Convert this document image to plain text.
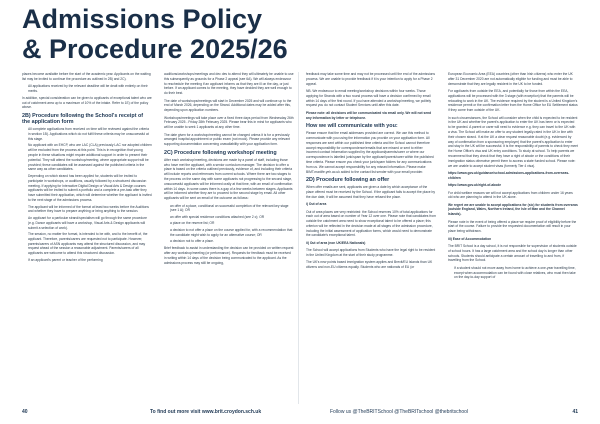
Admissions Policy
& Procedure 2025/26

places become available before the start of the academic year. Applicants on the waiting list may be invited to continue the procedure as outlined in 2B) and 2C).

• All applications received by the relevant deadline will be dealt with entirely on their merits.

In addition, special consideration can be given to applicants of exceptional talent who are out of catchment area up to a maximum of 10% of the intake. Refer to 1E) of the policy above.

2B) Procedure following the School's receipt of the application form
• All complete applications from received on time will be reviewed against the criteria in section 1B). Applications which do not fulfil these criteria may be unsuccessful at this stage.
• No applicant with an EHCP, who are LAC (CLA) previously LAC nor adopted children will be excluded from the process at this point. This is in recognition that young people in these situations might require additional support in order to present their potential. They will attend the workshop/meeting, where appropriate support will be provided; these candidates will be assessed against the published criteria in the same way as other candidates.
• Depending on which strand has been applied for, students will be invited to participate in workshops, or auditions, usually followed by a structured discussion meeting. If applying for Interactive Digital Design or Visual Arts & Design courses applicants will be invited to submit a portfolio and a complete a pre-task after they have submitted their application, which will determine whether the applicant is invited to the next stage of the admissions process.
• The applicant will be informed of the format at least two weeks before the Auditions and whether they have to prepare anything or bring anything to the session.
• An applicant for a particular strand/specialism will go through the same procedure (e.g. Dance applicants will have a workshop, Visual Arts & Design applicants will submit a selection of work).
• The session, no matter the format, is intended to be with, and to the benefit of, the applicant. Therefore, parents/carers are requested not to participate. However, parents/carers of ASN applicants may attend the structured discussion, and may request ahead of the session a reasonable adjustment. Parents/carers of all applicants are welcome to attend this structured discussion.
• If an applicant's parent or teacher of the performing

auditions/workshops/meetings and dec des to attend they will ultimately be unable to use this subsequently as grounds for a Phase 2 appeal (see 6A). We will always endeavour to reschedule the meeting if an applicant informs us that they are ill on the day, or just before. If an applicant comes to the meeting, they have decided they are well enough to do their best.

The date of workshops/meetings will start in December 2025 and will continue up to the end of March 2026, depending on the Strand. Additional dates may be added after this, depending upon application numbers.

Workshops/meetings will take place over a fixed three days period from Wednesday 26th February 2025 - Friday 28th February 2025. Please bear this in mind for applicants who will be unable to seek 1 applicants at any other time.

The date given for a workshop/meeting cannot be changed unless it is for a previously arranged hospital appointment or public exam (not mock). Please provide any relevant supporting documentation concerning unavailability with your application form.

2C) Procedure following workshop/ meeting

After each workshop/meeting, decisions are made by a panel of staff, including those who have met the applicant, with a senior curriculum manager. The decision to offer a place is based on the criteria outlined previously, evidence of, and including their criteria will include reports and references from current schools. Where there are two stages to the process on the same day with some applicants not progressing to the second stage, unsuccessful applicants will be informed orally at that time, with an email of confirmation within 14 days. In some cases there is a gap of a few weeks between stages. Applicants will be informed whether they are to proceed to the second stage by email. All other applicants will be sent an email of the outcome as follows:

• an offer of a place, conditional on successful completion of the relevant key stage (see 1 A); OR
• an offer with special residence conditions attached (see 2 c); OR
• a place on the reserve list; OR
• a decision to not offer a place on the course applied for, with a recommendation that the candidate might wish to apply for an alternative course; OR
• a decision not to offer a place.

Brief feedback to assist in understanding the decision can be provided on written request after any workshop/meeting (or performance). Requests for feedback must be received in writing within 14 days of the decision being communicated to the applicant. As the admissions process may still be ongoing,

feedback may take some time and may not be processed until the end of the admissions process. We are unable to provide feedback if it is your intention to apply for a Phase 2 appeal.

NB. We endeavour to email meeting/workshop decisions within four weeks. Those applying for Strands with a two round process will have a decision confirmed by email within 14 days of the first round. If you have attended a workshop/meeting, we politely request you do not contact Student Services until after this date.

Please note: all decisions will be communicated via email only. We will not send any information by letter or telephone.

How we will communicate with you:

Please ensure that the email addresses provided are correct. We use this method to communicate with you using the information you provide on your application form. All responses are sent within our published time criteria and the School cannot therefore accept responsibility for correspondence/emails that are missed or sent to either incorrect contact information supplied by the applicant/parents/carer or where our correspondence is labelled junk/spam by the applicant/parent/carer within the published time criteria. Please ensure you check your junk/spam folders for any communications from us. We cannot accept responsibility for any missed information. Please make BIMT.maxlife.yeh.ac.uk added to the contact list sender with your email provider.

2D) Procedure following an offer

When offer emails are sent, applicants are given a date by which acceptance of the place offered must be received by the School. If the applicant fails to accept the place by the due date, it will be assumed that they have refused the place.

i) Out of area

Out of area places are very restricted: the School reserves 10% of total applications for each out of area based on number of Year 12 over one. Please note that candidates from outside the catchment area need to show exceptional talent to be offered a place; this criterion will be reflected in the decision made at all stages of the admission procedure, including the initial assessment of application forms, which would need to demonstrate the candidate's exceptional talent.

ii) Out of area (non UK/EEA Nationals)

The School will accept applications from Students who have the legal right to be resident in the United Kingdom at the start of their study programme.

The UK's new points based immigration system applies and Brexit/EU Islands than UK citizens and non-EU citizens equally. Students who are nationals of EU (or

European Economic Area (EEA) countries (other than Irish citizens) who enter the UK after 31 December 2020 are not automatically eligible for funding and must be able to demonstrate that they are legally resident in the UK to be funded.

For applicants from outside the EEA, and potentially for those from within the EEA, applications will be processed with the 3 stage (with exception) that the parents will be relocating to work in the UK. The evidence required by the student is a United Kingdom's residence permit or the confirmation letter from the Home Office for EU Settlement status if they come from outside of the UK.

In such circumstances, the School will consider when the child is expected to be resident in the UK and whether the parent's application to enter the UK has been or is expected to be granted. A parent or carer will need to evidence e.g. they can travel to the UK with a visa. The School will make an offer to any student legally-rated in the UK in line with their chosen strand. If at the UK a clear request reasonable doubt (e.g. evidenced by way of confirmation from a sponsoring employer) that the parent's application to enter and stay in the UK will be successful. It is the responsibility of parents to check they meet the Home Office's visa and UK entry conditions. To study at school. To help parents we recommend that they check that they have a right of abode or the conditions of their immigration status otherwise permit them to access a state funded school. Please note: we are unable to accept student visas (formerly Tier 4 visa).

https://www.gov.uk/guidance/school-admissions-applications-from-overseas-children

https://www.gov.uk/right-of-abode

For child welfare reasons we will not accept applications from children under 16 years old who are planning to attend in the UK alone.

We regret we are unable to accept applications for (sic) for students from overseas (outside England, Wales, Northern Ireland, the Isle of Man and the Channel Islands).

Please note in the event of being offered a place we require proof of eligibility before the start of the course. Failure to provide the requested documentation will result in your place being withdrawn.

iii) Ease of Accommodation

The BRIT School is a day school, it is not responsible for supervision of students outside of school hours. It has a large catchment area and the school day is longer than other schools. Students should anticipate a certain amount of travelling to and from, if travelling from the School.

• If a student should not move away from home to achieve a one-year travelling time, except when accommodation can be found with close relatives, who must then take on the day-to-day support of
40	To find out more visit www.brit.croydon.sch.uk	Follow us @TheBRITSchool @TheBRITschool @thebritschool	41
